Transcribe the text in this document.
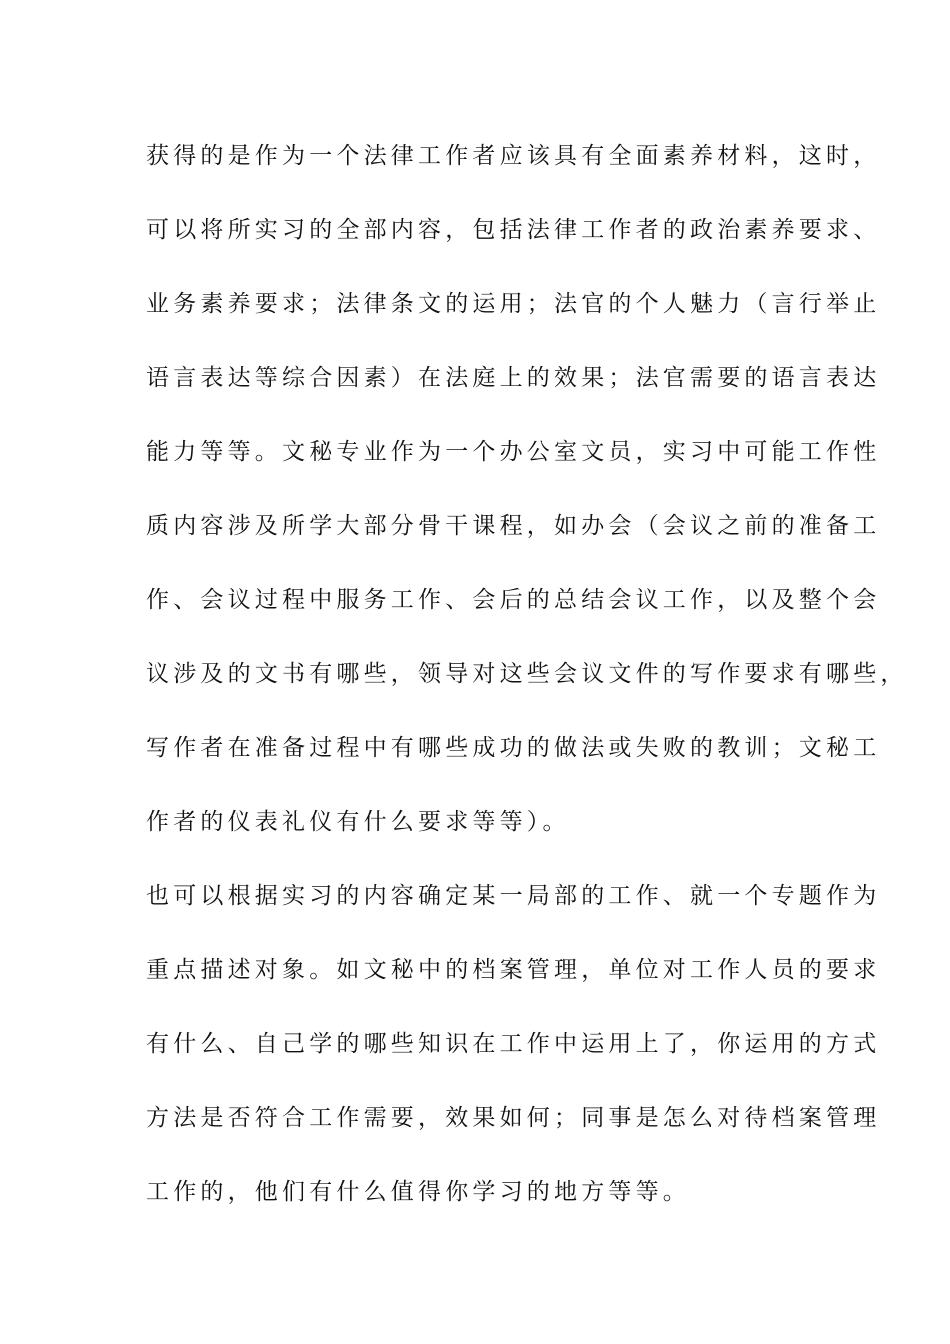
获得的是作为一个法律工作者应该具有全面素养材料，这时，
可以将所实习的全部内容，包括法律工作者的政治素养要求、
业务素养要求；法律条文的运用；法官的个人魅力（言行举止
语言表达等综合因素）在法庭上的效果；法官需要的语言表达
能力等等。文秘专业作为一个办公室文员，实习中可能工作性
质内容涉及所学大部分骨干课程，如办会（会议之前的准备工
作、会议过程中服务工作、会后的总结会议工作，以及整个会
议涉及的文书有哪些，领导对这些会议文件的写作要求有哪些，
写作者在准备过程中有哪些成功的做法或失败的教训；文秘工
作者的仪表礼仪有什么要求等等）。
也可以根据实习的内容确定某一局部的工作、就一个专题作为
重点描述对象。如文秘中的档案管理，单位对工作人员的要求
有什么、自己学的哪些知识在工作中运用上了，你运用的方式
方法是否符合工作需要，效果如何；同事是怎么对待档案管理
工作的，他们有什么值得你学习的地方等等。
